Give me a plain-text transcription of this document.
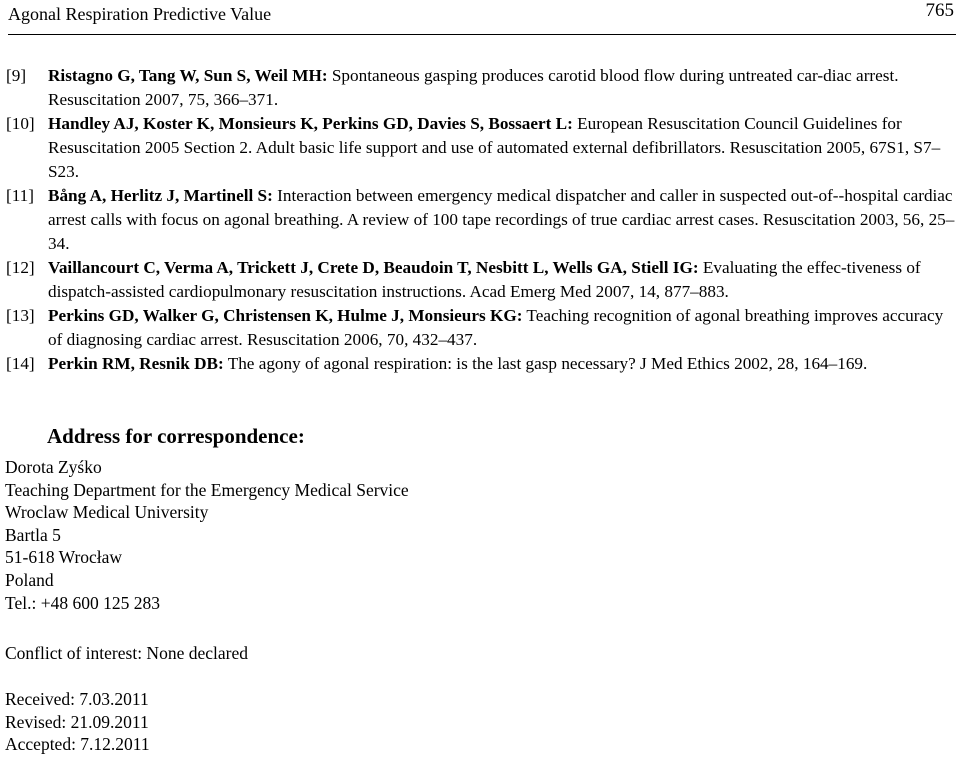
Agonal Respiration Predictive Value	765

[9] Ristagno G, Tang W, Sun S, Weil MH: Spontaneous gasping produces carotid blood flow during untreated car-diac arrest. Resuscitation 2007, 75, 366–371.

[10] Handley AJ, Koster K, Monsieurs K, Perkins GD, Davies S, Bossaert L: European Resuscitation Council Guidelines for Resuscitation 2005 Section 2. Adult basic life support and use of automated external defibrillators. Resuscitation 2005, 67S1, S7–S23.

[11] Bång A, Herlitz J, Martinell S: Interaction between emergency medical dispatcher and caller in suspected out-of--hospital cardiac arrest calls with focus on agonal breathing. A review of 100 tape recordings of true cardiac arrest cases. Resuscitation 2003, 56, 25–34.

[12] Vaillancourt C, Verma A, Trickett J, Crete D, Beaudoin T, Nesbitt L, Wells GA, Stiell IG: Evaluating the effec-tiveness of dispatch-assisted cardiopulmonary resuscitation instructions. Acad Emerg Med 2007, 14, 877–883.

[13] Perkins GD, Walker G, Christensen K, Hulme J, Monsieurs KG: Teaching recognition of agonal breathing improves accuracy of diagnosing cardiac arrest. Resuscitation 2006, 70, 432–437.

[14] Perkin RM, Resnik DB: The agony of agonal respiration: is the last gasp necessary? J Med Ethics 2002, 28, 164–169.

Address for correspondence:
Dorota Zyśko
Teaching Department for the Emergency Medical Service
Wroclaw Medical University
Bartla 5
51-618 Wrocław
Poland
Tel.: +48 600 125 283
Conflict of interest: None declared
Received: 7.03.2011
Revised: 21.09.2011
Accepted: 7.12.2011
